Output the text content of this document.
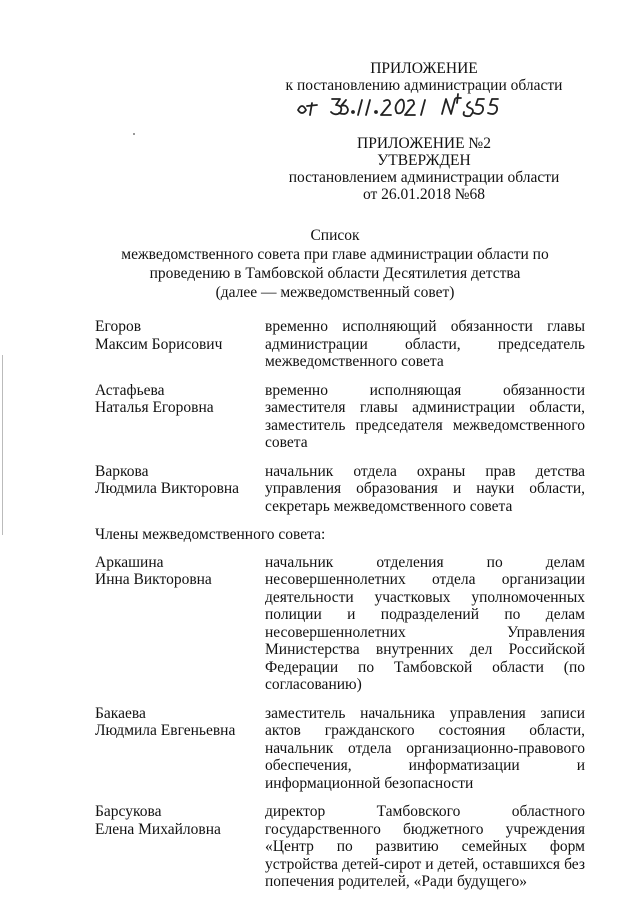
ПРИЛОЖЕНИЕ
к постановлению администрации области
ПРИЛОЖЕНИЕ №2
УТВЕРЖДЕН
постановлением администрации области
от 26.01.2018 №68
Список
межведомственного совета при главе администрации области по
проведению в Тамбовской области Десятилетия детства
(далее — межведомственный совет)
Егоров
Максим Борисович
временно исполняющий обязанности главы администрации области, председатель межведомственного совета
Астафьева
Наталья Егоровна
временно исполняющая обязанности заместителя главы администрации области, заместитель председателя межведомственного совета
Варкова
Людмила Викторовна
начальник отдела охраны прав детства управления образования и науки области, секретарь межведомственного совета
Члены межведомственного совета:
Аркашина
Инна Викторовна
начальник отделения по делам несовершеннолетних отдела организации деятельности участковых уполномоченных полиции и подразделений по делам несовершеннолетних Управления Министерства внутренних дел Российской Федерации по Тамбовской области (по согласованию)
Бакаева
Людмила Евгеньевна
заместитель начальника управления записи актов гражданского состояния области, начальник отдела организационно-правового обеспечения, информатизации и информационной безопасности
Барсукова
Елена Михайловна
директор Тамбовского областного государственного бюджетного учреждения «Центр по развитию семейных форм устройства детей-сирот и детей, оставшихся без попечения родителей, «Ради будущего»
